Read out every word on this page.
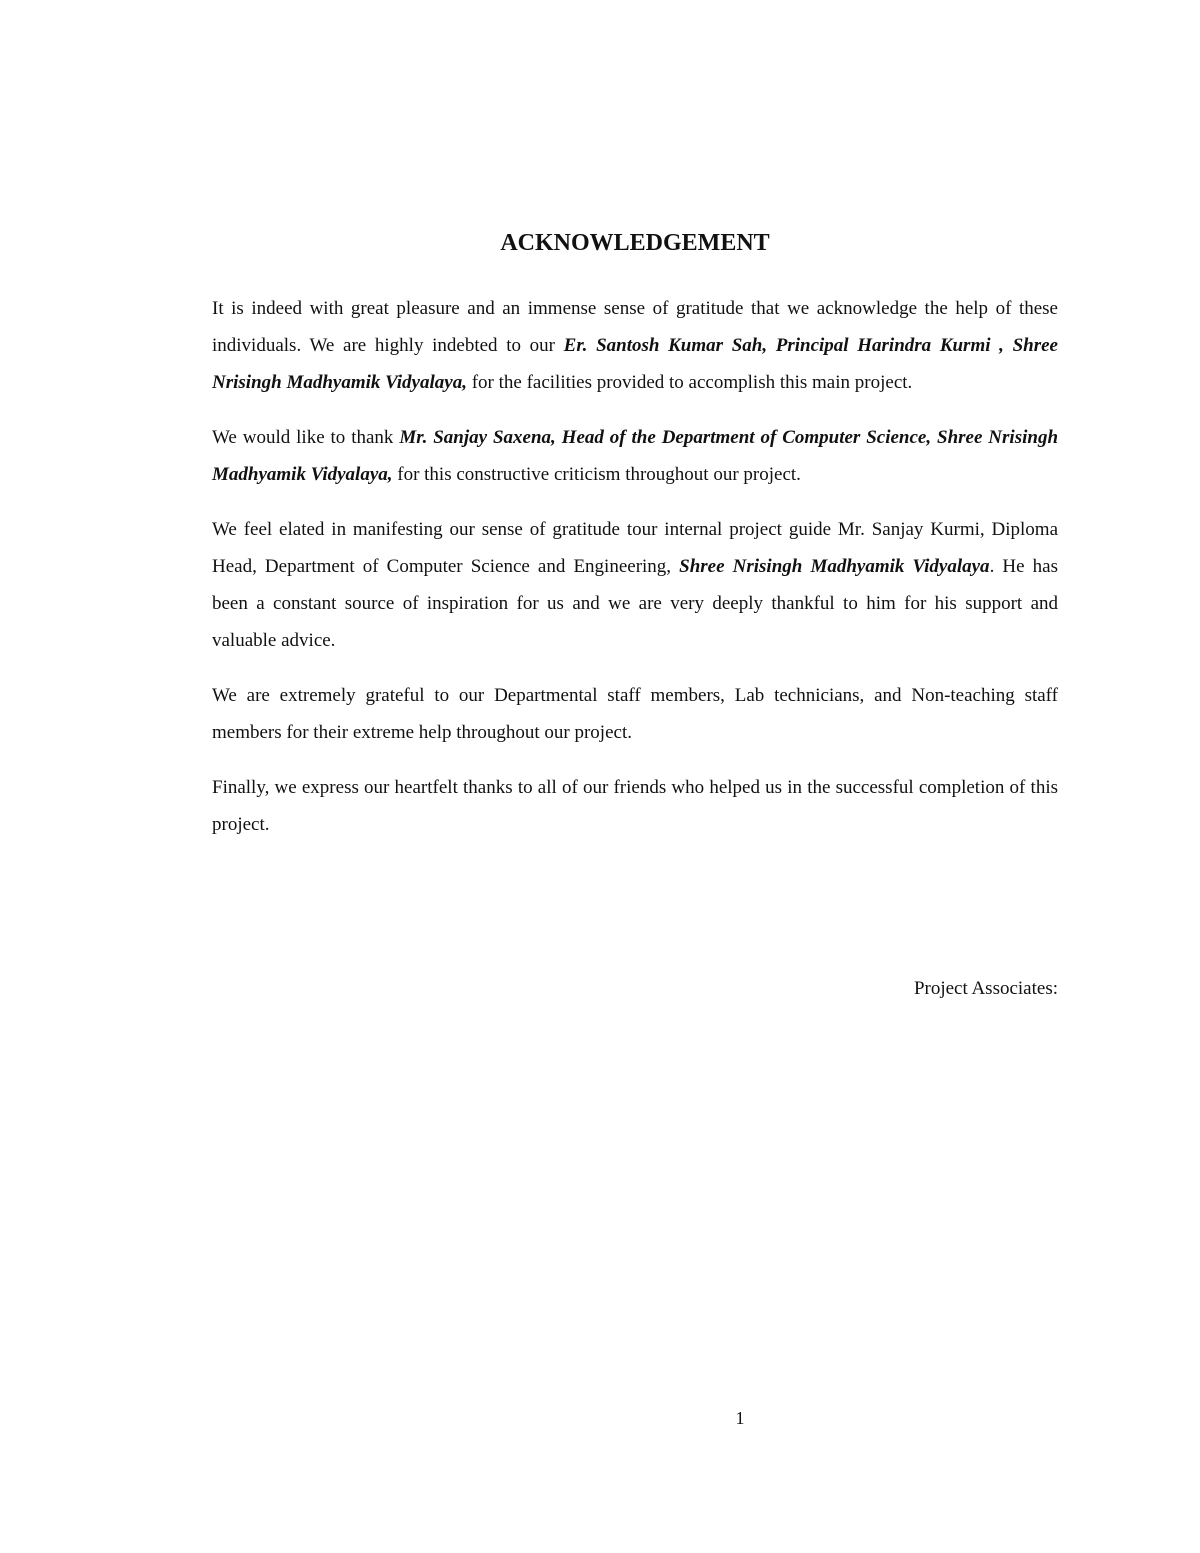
ACKNOWLEDGEMENT

It is indeed with great pleasure and an immense sense of gratitude that we acknowledge the help of these individuals. We are highly indebted to our Er. Santosh Kumar Sah, Principal Harindra Kurmi , Shree Nrisingh Madhyamik Vidyalaya, for the facilities provided to accomplish this main project.

We would like to thank Mr. Sanjay Saxena, Head of the Department of Computer Science, Shree Nrisingh Madhyamik Vidyalaya, for this constructive criticism throughout our project.

We feel elated in manifesting our sense of gratitude tour internal project guide Mr. Sanjay Kurmi, Diploma Head, Department of Computer Science and Engineering, Shree Nrisingh Madhyamik Vidyalaya. He has been a constant source of inspiration for us and we are very deeply thankful to him for his support and valuable advice.

We are extremely grateful to our Departmental staff members, Lab technicians, and Non-teaching staff members for their extreme help throughout our project.

Finally, we express our heartfelt thanks to all of our friends who helped us in the successful completion of this project.

Project Associates:
1
